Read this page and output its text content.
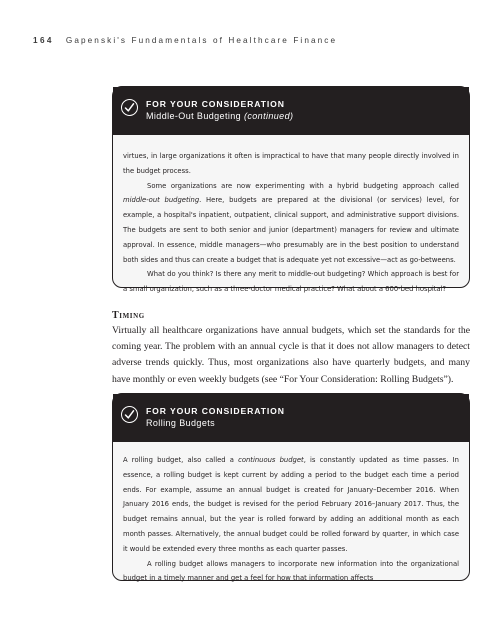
164 Gapenski's Fundamentals of Healthcare Finance
FOR YOUR CONSIDERATION
Middle-Out Budgeting (continued)

virtues, in large organizations it often is impractical to have that many people directly involved in the budget process.

Some organizations are now experimenting with a hybrid budgeting approach called middle-out budgeting. Here, budgets are prepared at the divisional (or services) level, for example, a hospital's inpatient, outpatient, clinical support, and administrative support divisions. The budgets are sent to both senior and junior (department) managers for review and ultimate approval. In essence, middle managers—who presumably are in the best position to understand both sides and thus can create a budget that is adequate yet not excessive—act as go-betweens.

What do you think? Is there any merit to middle-out budgeting? Which approach is best for a small organization, such as a three-doctor medical practice? What about a 600-bed hospital?

Timing
Virtually all healthcare organizations have annual budgets, which set the standards for the coming year. The problem with an annual cycle is that it does not allow managers to detect adverse trends quickly. Thus, most organizations also have quarterly budgets, and many have monthly or even weekly budgets (see “For Your Consideration: Rolling Budgets”).
FOR YOUR CONSIDERATION
Rolling Budgets

A rolling budget, also called a continuous budget, is constantly updated as time passes. In essence, a rolling budget is kept current by adding a period to the budget each time a period ends. For example, assume an annual budget is created for January–December 2016. When January 2016 ends, the budget is revised for the period February 2016–January 2017. Thus, the budget remains annual, but the year is rolled forward by adding an additional month as each month passes. Alternatively, the annual budget could be rolled forward by quarter, in which case it would be extended every three months as each quarter passes.

A rolling budget allows managers to incorporate new information into the organizational budget in a timely manner and get a feel for how that information affects
